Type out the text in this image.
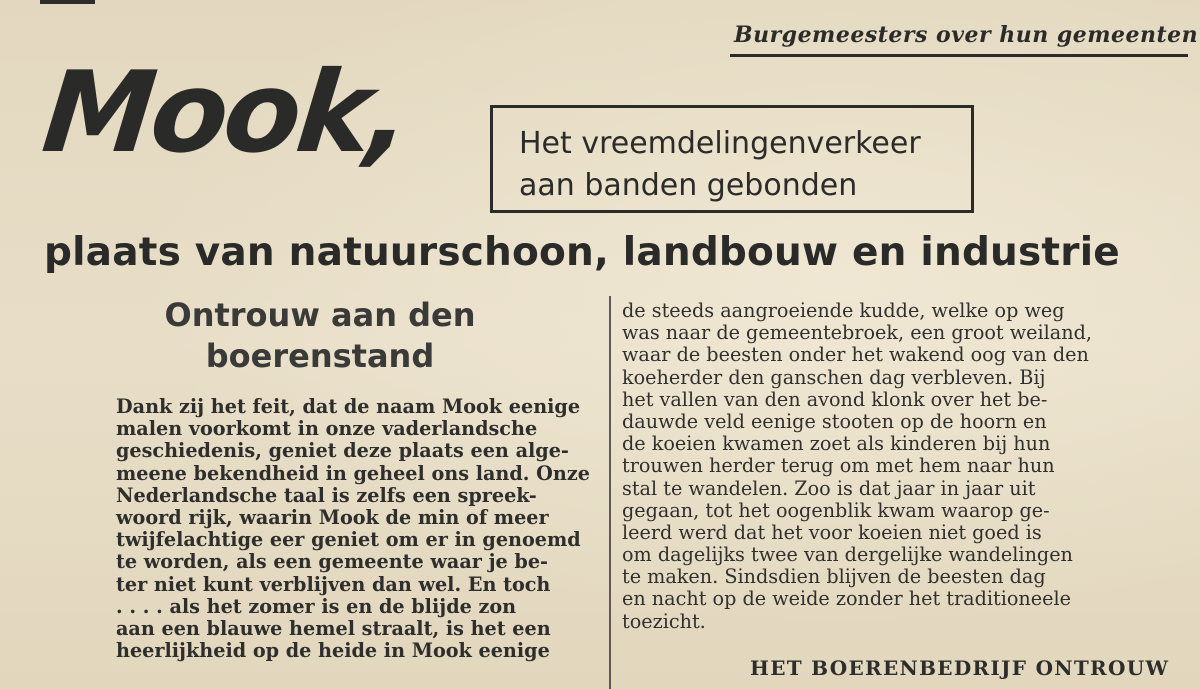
Burgemeesters over hun gemeenten
Mook,	Het vreemdelingenverkeer
aan banden gebonden
plaats van natuurschoon, landbouw en industrie
Ontrouw aan den
boerenstand
Dank zij het feit, dat de naam Mook eenige
malen voorkomt in onze vaderlandsche
geschiedenis, geniet deze plaats een alge-
meene bekendheid in geheel ons land. Onze
Nederlandsche taal is zelfs een spreek-
woord rijk, waarin Mook de min of meer
twijfelachtige eer geniet om er in genoemd
te worden, als een gemeente waar je be-
ter niet kunt verblijven dan wel. En toch
. . . . als het zomer is en de blijde zon
aan een blauwe hemel straalt, is het een
heerlijkheid op de heide in Mook eenige
de steeds aangroeiende kudde, welke op weg
was naar de gemeentebroek, een groot weiland,
waar de beesten onder het wakend oog van den
koeherder den ganschen dag verbleven. Bij
het vallen van den avond klonk over het be-
dauwde veld eenige stooten op de hoorn en
de koeien kwamen zoet als kinderen bij hun
trouwen herder terug om met hem naar hun
stal te wandelen. Zoo is dat jaar in jaar uit
gegaan, tot het oogenblik kwam waarop ge-
leerd werd dat het voor koeien niet goed is
om dagelijks twee van dergelijke wandelingen
te maken. Sindsdien blijven de beesten dag
en nacht op de weide zonder het traditioneele
toezicht.
HET BOERENBEDRIJF ONTROUW
